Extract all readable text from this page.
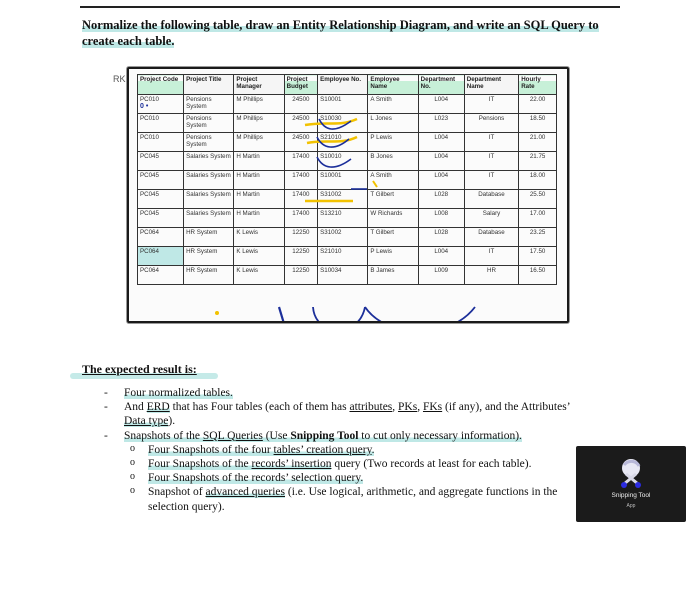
Normalize the following table, draw an Entity Relationship Diagram, and write an SQL Query to
create each table.
RK Project Code	Project Title	Project Manager	Project Budget	Employee No.	Employee Name	Department No.	Department Name	Hourly Rate
PC010	Pensions System	M Phillips	24500	S10001	A Smith	L004	IT	22.00
PC010	Pensions System	M Phillips	24500	S10030	L Jones	L023	Pensions	18.50
PC010	Pensions System	M Phillips	24500	S21010	P Lewis	L004	IT	21.00
PC045	Salaries System	H Martin	17400	S10010	B Jones	L004	IT	21.75
PC045	Salaries System	H Martin	17400	S10001	A Smith	L004	IT	18.00
PC045	Salaries System	H Martin	17400	S31002	T Gilbert	L028	Database	25.50
PC045	Salaries System	H Martin	17400	S13210	W Richards	L008	Salary	17.00
PC064	HR System	K Lewis	12250	S31002	T Gilbert	L028	Database	23.25
PC064	HR System	K Lewis	12250	S21010	P Lewis	L004	IT	17.50
PC064	HR System	K Lewis	12250	S10034	B James	L009	HR	16.50
0 •
The expected result is:
- Four normalized tables.
- And ERD that has Four tables (each of them has attributes, PKs, FKs (if any), and the Attributes’ Data type).
- Snapshots of the SQL Queries (Use Snipping Tool to cut only necessary information).
o Four Snapshots of the four tables’ creation query.
o Four Snapshots of the records’ insertion query (Two records at least for each table).
o Four Snapshots of the records’ selection query.
o Snapshot of advanced queries (i.e. Use logical, arithmetic, and aggregate functions in the selection query).
Snipping Tool
App
